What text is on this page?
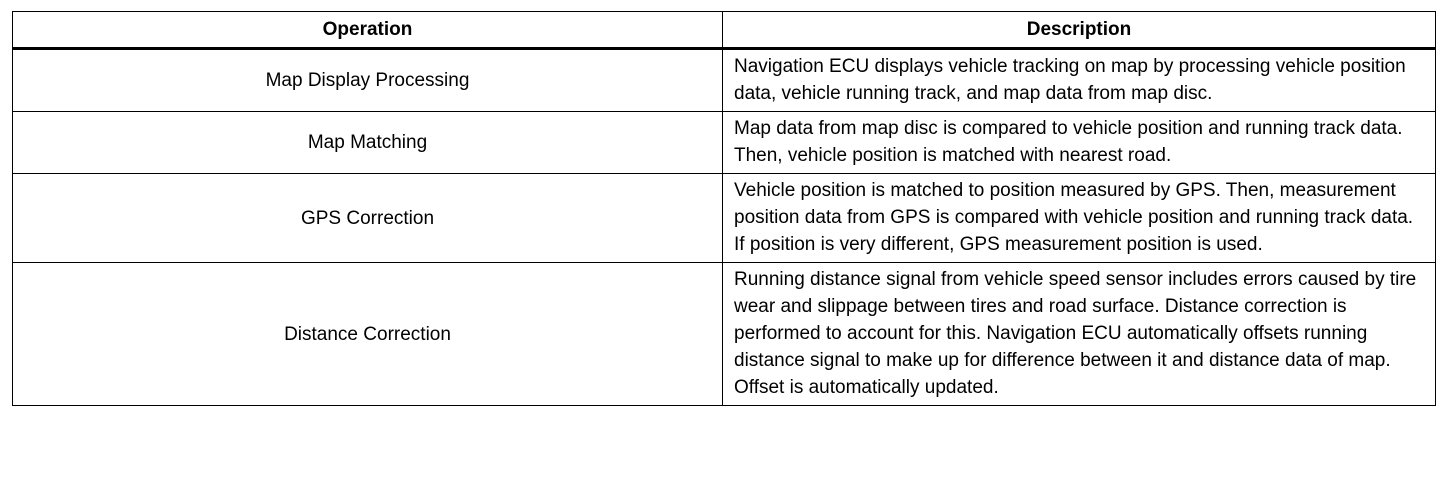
Operation	Description
Map Display Processing	Navigation ECU displays vehicle tracking on map by processing vehicle position data, vehicle running track, and map data from map disc.
Map Matching	Map data from map disc is compared to vehicle position and running track data. Then, vehicle position is matched with nearest road.
GPS Correction	Vehicle position is matched to position measured by GPS. Then, measurement position data from GPS is compared with vehicle position and running track data. If position is very different, GPS measurement position is used.
Distance Correction	Running distance signal from vehicle speed sensor includes errors caused by tire wear and slippage between tires and road surface. Distance correction is performed to account for this. Navigation ECU automatically offsets running distance signal to make up for difference between it and distance data of map. Offset is automatically updated.
